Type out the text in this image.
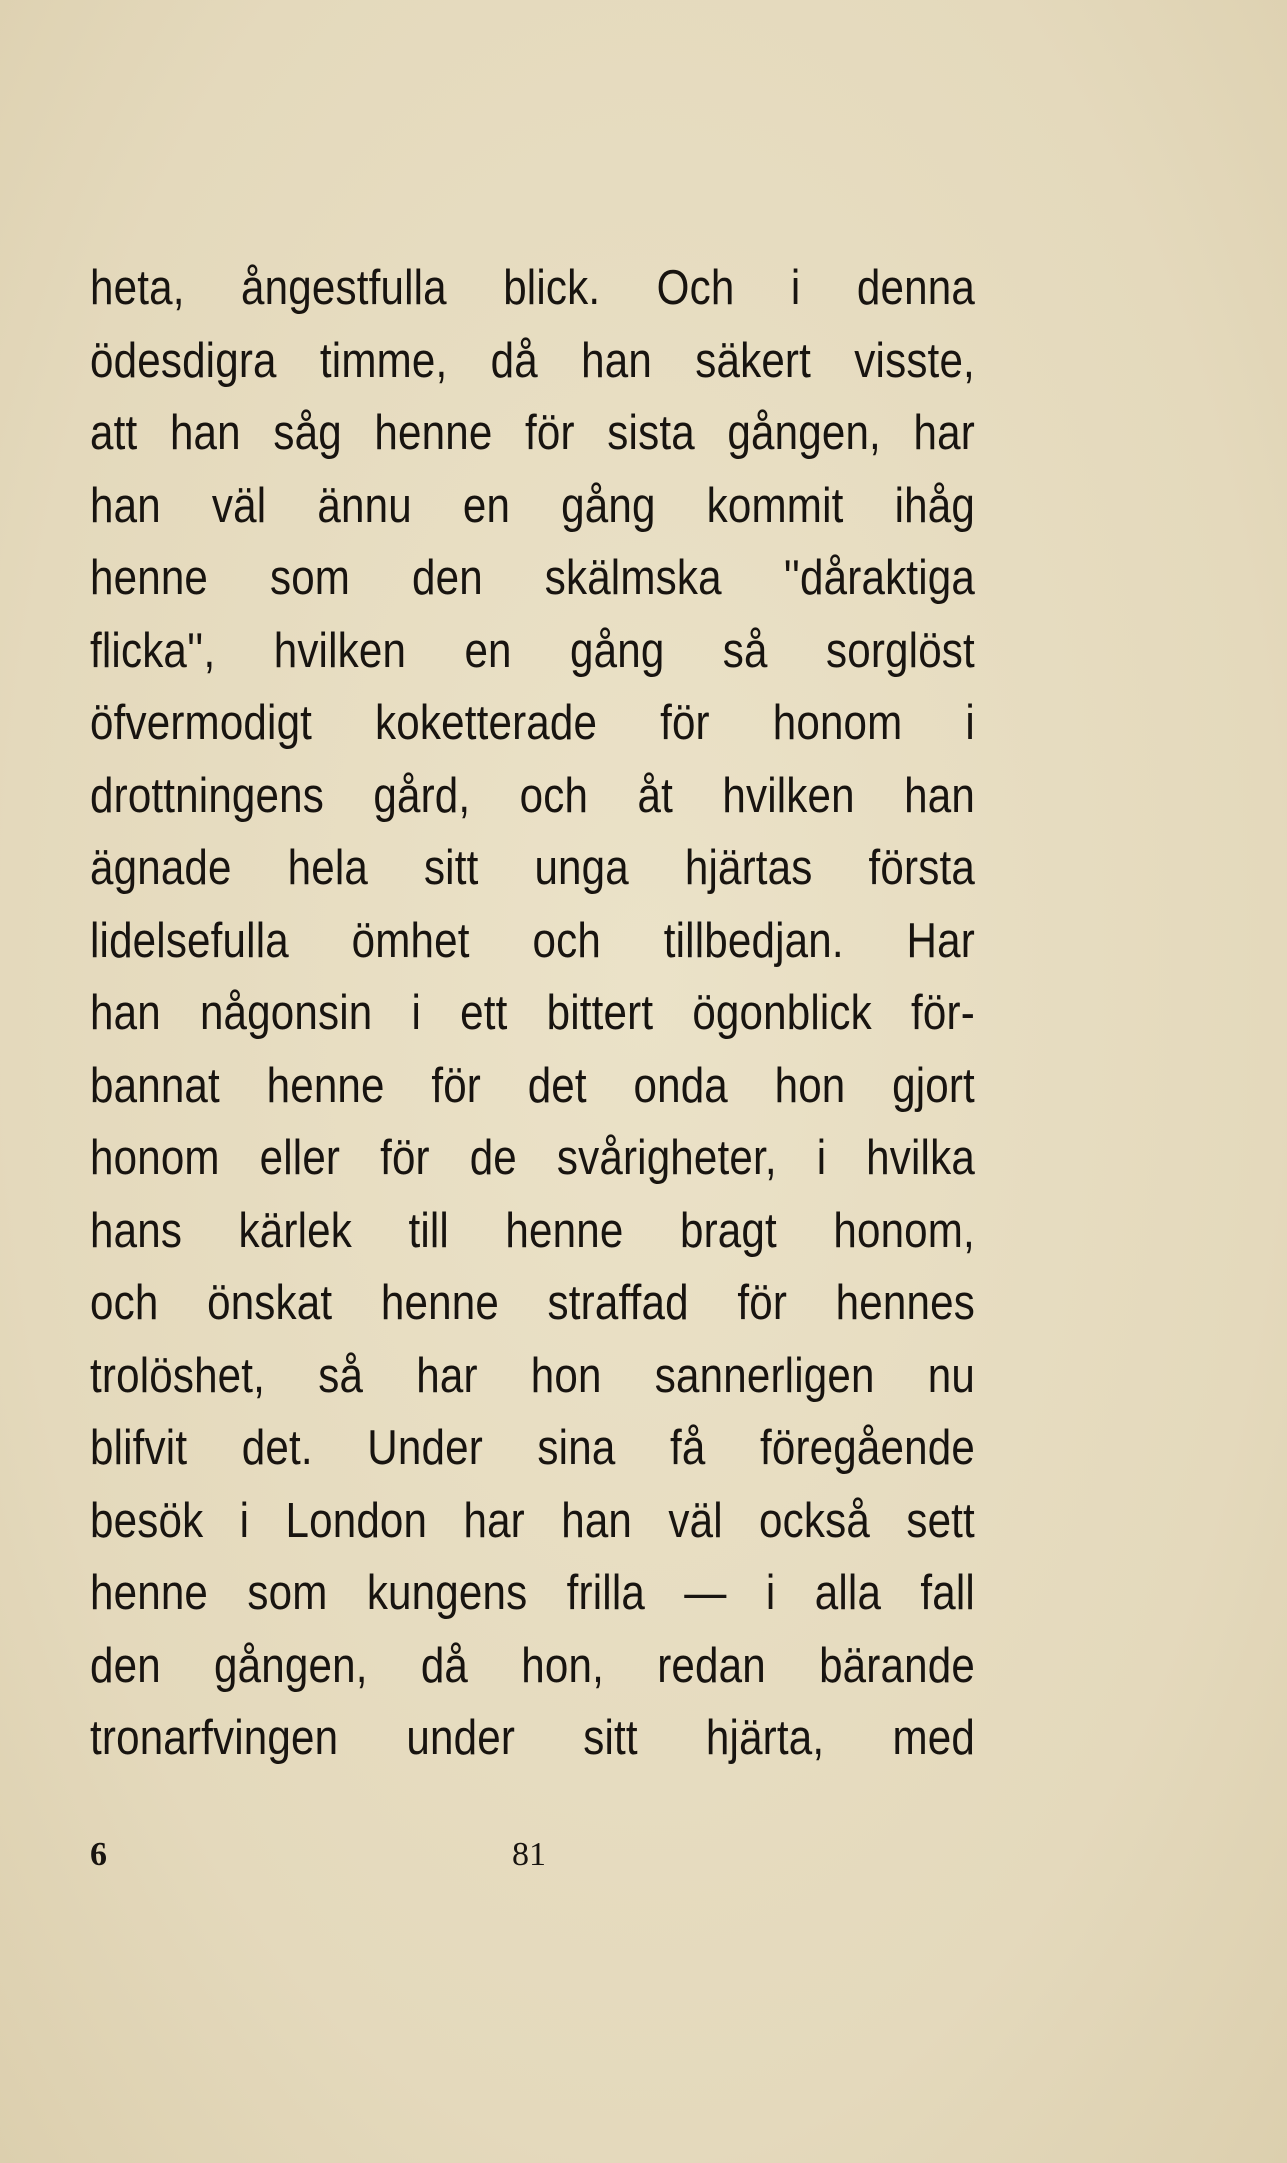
heta, ångestfulla blick. Och i denna
ödesdigra timme, då han säkert visste,
att han såg henne för sista gången, har
han väl ännu en gång kommit ihåg
henne som den skälmska ''dåraktiga
flicka'', hvilken en gång så sorglöst
öfvermodigt koketterade för honom i
drottningens gård, och åt hvilken han
ägnade hela sitt unga hjärtas första
lidelsefulla ömhet och tillbedjan. Har
han någonsin i ett bittert ögonblick för-
bannat henne för det onda hon gjort
honom eller för de svårigheter, i hvilka
hans kärlek till henne bragt honom,
och önskat henne straffad för hennes
trolöshet, så har hon sannerligen nu
blifvit det. Under sina få föregående
besök i London har han väl också sett
henne som kungens frilla — i alla fall
den gången, då hon, redan bärande
tronarfvingen under sitt hjärta, med
6	81
